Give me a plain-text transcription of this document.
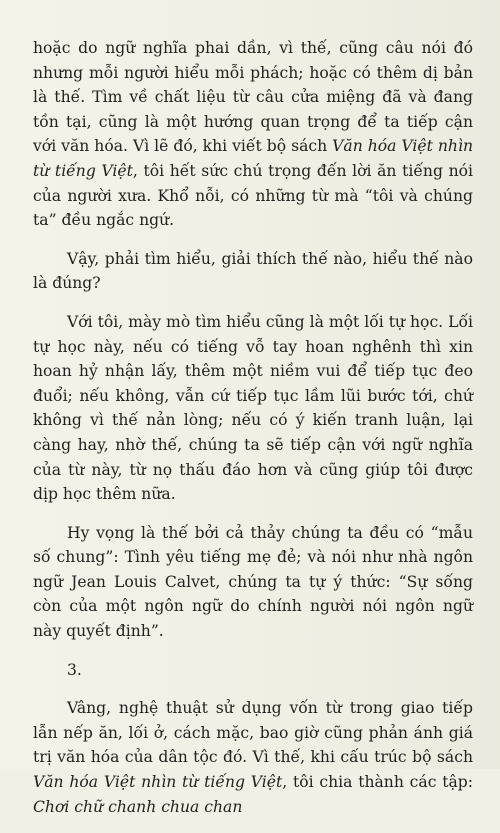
hoặc do ngữ nghĩa phai dần, vì thế, cũng câu nói đó nhưng mỗi người hiểu mỗi phách; hoặc có thêm dị bản là thế. Tìm về chất liệu từ câu cửa miệng đã và đang tồn tại, cũng là một hướng quan trọng để ta tiếp cận với văn hóa. Vì lẽ đó, khi viết bộ sách Văn hóa Việt nhìn từ tiếng Việt, tôi hết sức chú trọng đến lời ăn tiếng nói của người xưa. Khổ nỗi, có những từ mà “tôi và chúng ta” đều ngắc ngứ.

Vậy, phải tìm hiểu, giải thích thế nào, hiểu thế nào là đúng?

Với tôi, mày mò tìm hiểu cũng là một lối tự học. Lối tự học này, nếu có tiếng vỗ tay hoan nghênh thì xin hoan hỷ nhận lấy, thêm một niềm vui để tiếp tục đeo đuổi; nếu không, vẫn cứ tiếp tục lầm lũi bước tới, chứ không vì thế nản lòng; nếu có ý kiến tranh luận, lại càng hay, nhờ thế, chúng ta sẽ tiếp cận với ngữ nghĩa của từ này, từ nọ thấu đáo hơn và cũng giúp tôi được dịp học thêm nữa.

Hy vọng là thế bởi cả thảy chúng ta đều có “mẫu số chung”: Tình yêu tiếng mẹ đẻ; và nói như nhà ngôn ngữ Jean Louis Calvet, chúng ta tự ý thức: “Sự sống còn của một ngôn ngữ do chính người nói ngôn ngữ này quyết định”.

3.

Vâng, nghệ thuật sử dụng vốn từ trong giao tiếp lẫn nếp ăn, lối ở, cách mặc, bao giờ cũng phản ánh giá trị văn hóa của dân tộc đó. Vì thế, khi cấu trúc bộ sách Văn hóa Việt nhìn từ tiếng Việt, tôi chia thành các tập: Chơi chữ chanh chua chan
